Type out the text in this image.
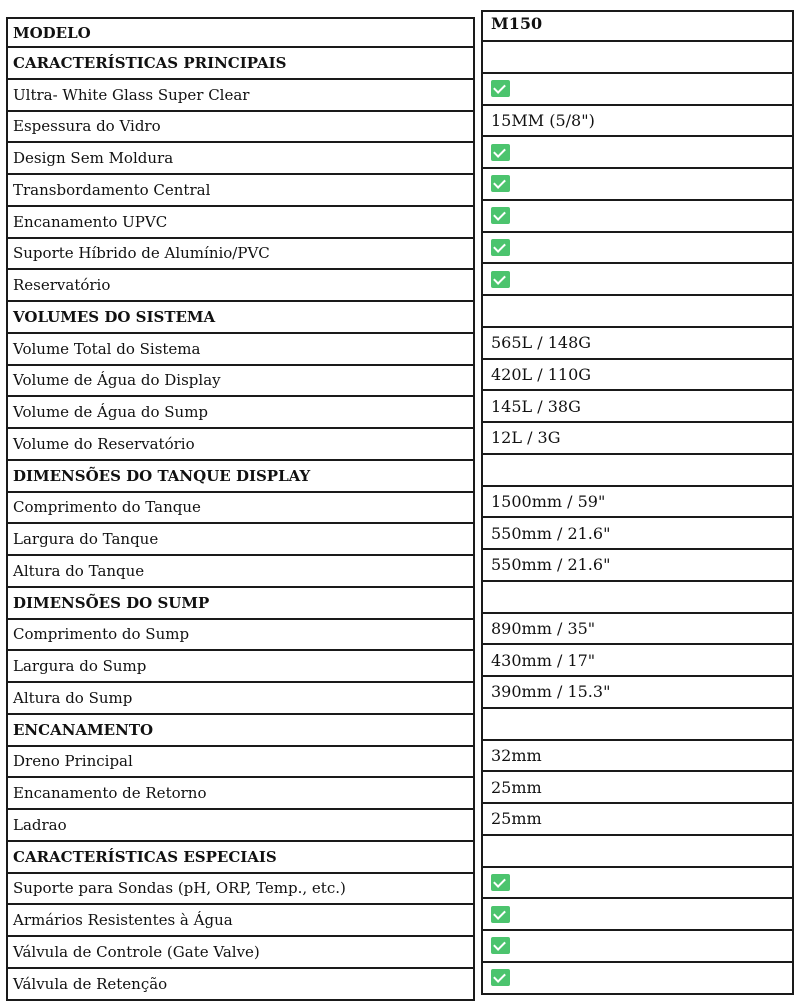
MODELO
CARACTERÍSTICAS PRINCIPAIS
Ultra- White Glass Super Clear
Espessura do Vidro
Design Sem Moldura
Transbordamento Central
Encanamento UPVC
Suporte Híbrido de Alumínio/PVC
Reservatório
VOLUMES DO SISTEMA
Volume Total do Sistema
Volume de Água do Display
Volume de Água do Sump
Volume do Reservatório
DIMENSÕES DO TANQUE DISPLAY
Comprimento do Tanque
Largura do Tanque
Altura do Tanque
DIMENSÕES DO SUMP
Comprimento do Sump
Largura do Sump
Altura do Sump
ENCANAMENTO
Dreno Principal
Encanamento de Retorno
Ladrao
CARACTERÍSTICAS ESPECIAIS
Suporte para Sondas (pH, ORP, Temp., etc.)
Armários Resistentes à Água
Válvula de Controle (Gate Valve)
Válvula de Retenção
M150
15MM (5/8")
565L / 148G
420L / 110G
145L / 38G
12L / 3G
1500mm / 59"
550mm / 21.6"
550mm / 21.6"
890mm / 35"
430mm / 17"
390mm / 15.3"
32mm
25mm
25mm
